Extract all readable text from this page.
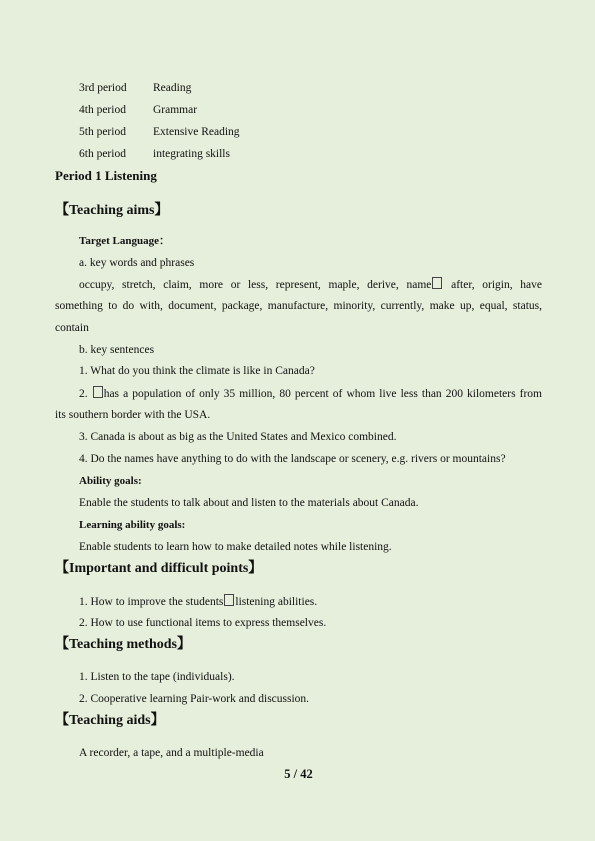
3rd period Reading
4th period Grammar
5th period Extensive Reading
6th period integrating skills
Period 1 Listening
【Teaching aims】
Target Language：
a. key words and phrases
occupy, stretch, claim, more or less, represent, maple, derive, name after, origin, have
something to do with, document, package, manufacture, minority, currently, make up, equal, status,
contain
b. key sentences
1. What do you think the climate is like in Canada?
2. has a population of only 35 million, 80 percent of whom live less than 200 kilometers from
its southern border with the USA.
3. Canada is about as big as the United States and Mexico combined.
4. Do the names have anything to do with the landscape or scenery, e.g. rivers or mountains?
Ability goals:
Enable the students to talk about and listen to the materials about Canada.
Learning ability goals:
Enable students to learn how to make detailed notes while listening.
【Important and difficult points】
1. How to improve the students listening abilities.
2. How to use functional items to express themselves.
【Teaching methods】
1. Listen to the tape (individuals).
2. Cooperative learning Pair-work and discussion.
【Teaching aids】
A recorder, a tape, and a multiple-media
5 / 42
